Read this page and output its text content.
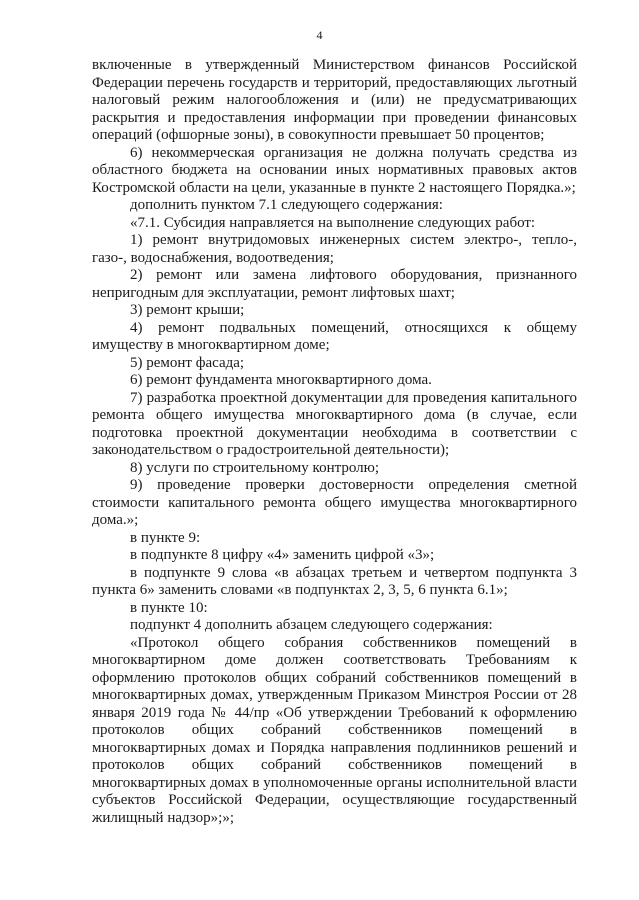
4

включенные в утвержденный Министерством финансов Российской Федерации перечень государств и территорий, предоставляющих льготный налоговый режим налогообложения и (или) не предусматривающих раскрытия и предоставления информации при проведении финансовых операций (офшорные зоны), в совокупности превышает 50 процентов;

6) некоммерческая организация не должна получать средства из областного бюджета на основании иных нормативных правовых актов Костромской области на цели, указанные в пункте 2 настоящего Порядка.»;

дополнить пунктом 7.1 следующего содержания:

«7.1. Субсидия направляется на выполнение следующих работ:

1) ремонт внутридомовых инженерных систем электро-, тепло-, газо-, водоснабжения, водоотведения;

2) ремонт или замена лифтового оборудования, признанного непригодным для эксплуатации, ремонт лифтовых шахт;

3) ремонт крыши;

4) ремонт подвальных помещений, относящихся к общему имуществу в многоквартирном доме;

5) ремонт фасада;

6) ремонт фундамента многоквартирного дома.

7) разработка проектной документации для проведения капитального ремонта общего имущества многоквартирного дома (в случае, если подготовка проектной документации необходима в соответствии с законодательством о градостроительной деятельности);

8) услуги по строительному контролю;

9) проведение проверки достоверности определения сметной стоимости капитального ремонта общего имущества многоквартирного дома.»;

в пункте 9:

в подпункте 8 цифру «4» заменить цифрой «3»;

в подпункте 9 слова «в абзацах третьем и четвертом подпункта 3 пункта 6» заменить словами «в подпунктах 2, 3, 5, 6 пункта 6.1»;

в пункте 10:

подпункт 4 дополнить абзацем следующего содержания:

«Протокол общего собрания собственников помещений в многоквартирном доме должен соответствовать Требованиям к оформлению протоколов общих собраний собственников помещений в многоквартирных домах, утвержденным Приказом Минстроя России от 28 января 2019 года № 44/пр «Об утверждении Требований к оформлению протоколов общих собраний собственников помещений в многоквартирных домах и Порядка направления подлинников решений и протоколов общих собраний собственников помещений в многоквартирных домах в уполномоченные органы исполнительной власти субъектов Российской Федерации, осуществляющие государственный жилищный надзор»;»;
